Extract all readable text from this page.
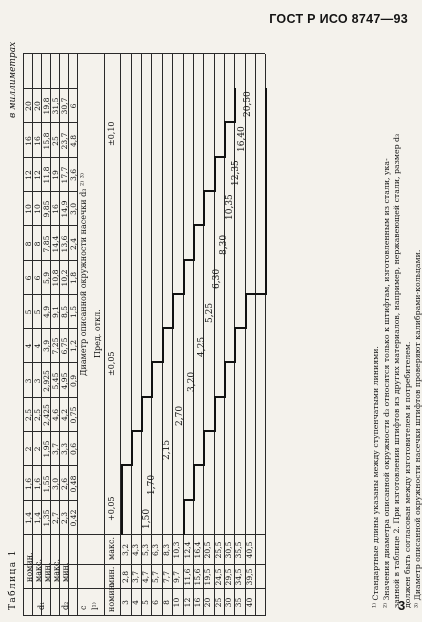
ГОСТ Р ИСО 8747—93
Таблица 1
в миллиметрах
d₁ d₂ c
номин. макс. мин. макс. мин.
l¹⁾ номин.
мин.
макс.
1,4 1,4 1,35 2,7 2,3 0,42
1,6 1,6 1,55 3,0 2,6 0,48
2 2 1,95 3,7 3,3 0,6
2,5 2,5 2,425 4,6 4,2 0,75
3 3 2,925 5,45 4,95 0,9
4 4 3,9 7,25 6,75 1,2
5 5 4,9 9,1 8,5 1,5
6 6 5,9 10,8 10,2 1,8
8 8 7,85 14,4 13,6 2,4
10 10 9,85 16 14,9 3,0
12 12 11,8 19 17,7 3,6
16 16 15,8 25 23,7 4,8
20 20 19,8 31,5 30,7 6
Диаметр описанной окружности насечки d₃ ²⁾ ³⁾ Пред. откл.
+0,05
±0,05
±0,10
3
2,8
3,2
4
3,7
4,3
5
4,7
5,3
6
5,7
6,3
8
7,7
8,3
10
9,7
10,3
12
11,6
12,4
16
15,6
16,4
20
19,5
20,5
25
24,5
25,5
30
29,5
30,5
35
34,5
35,5
40
39,5
40,5
1,50
1,70
2,15
2,70
3,20
4,25
5,25
6,30
8,30
10,35
12,35
16,40
20,50
¹⁾ Стандартные длины указаны между ступенчатыми линиями. ²⁾ Значения диаметра описанной окружности d₃ относятся только к штифтам, изготовленным из стали, ука- занной в таблице 2. При изготовлении штифтов из других материалов, например, нержавеющей стали, размер d₃ должен быть согласован между изготовителем и потребителем. ³⁾ Диаметр описанной окружности насечки штифтов проверяют калибрами-кольцами.
3
